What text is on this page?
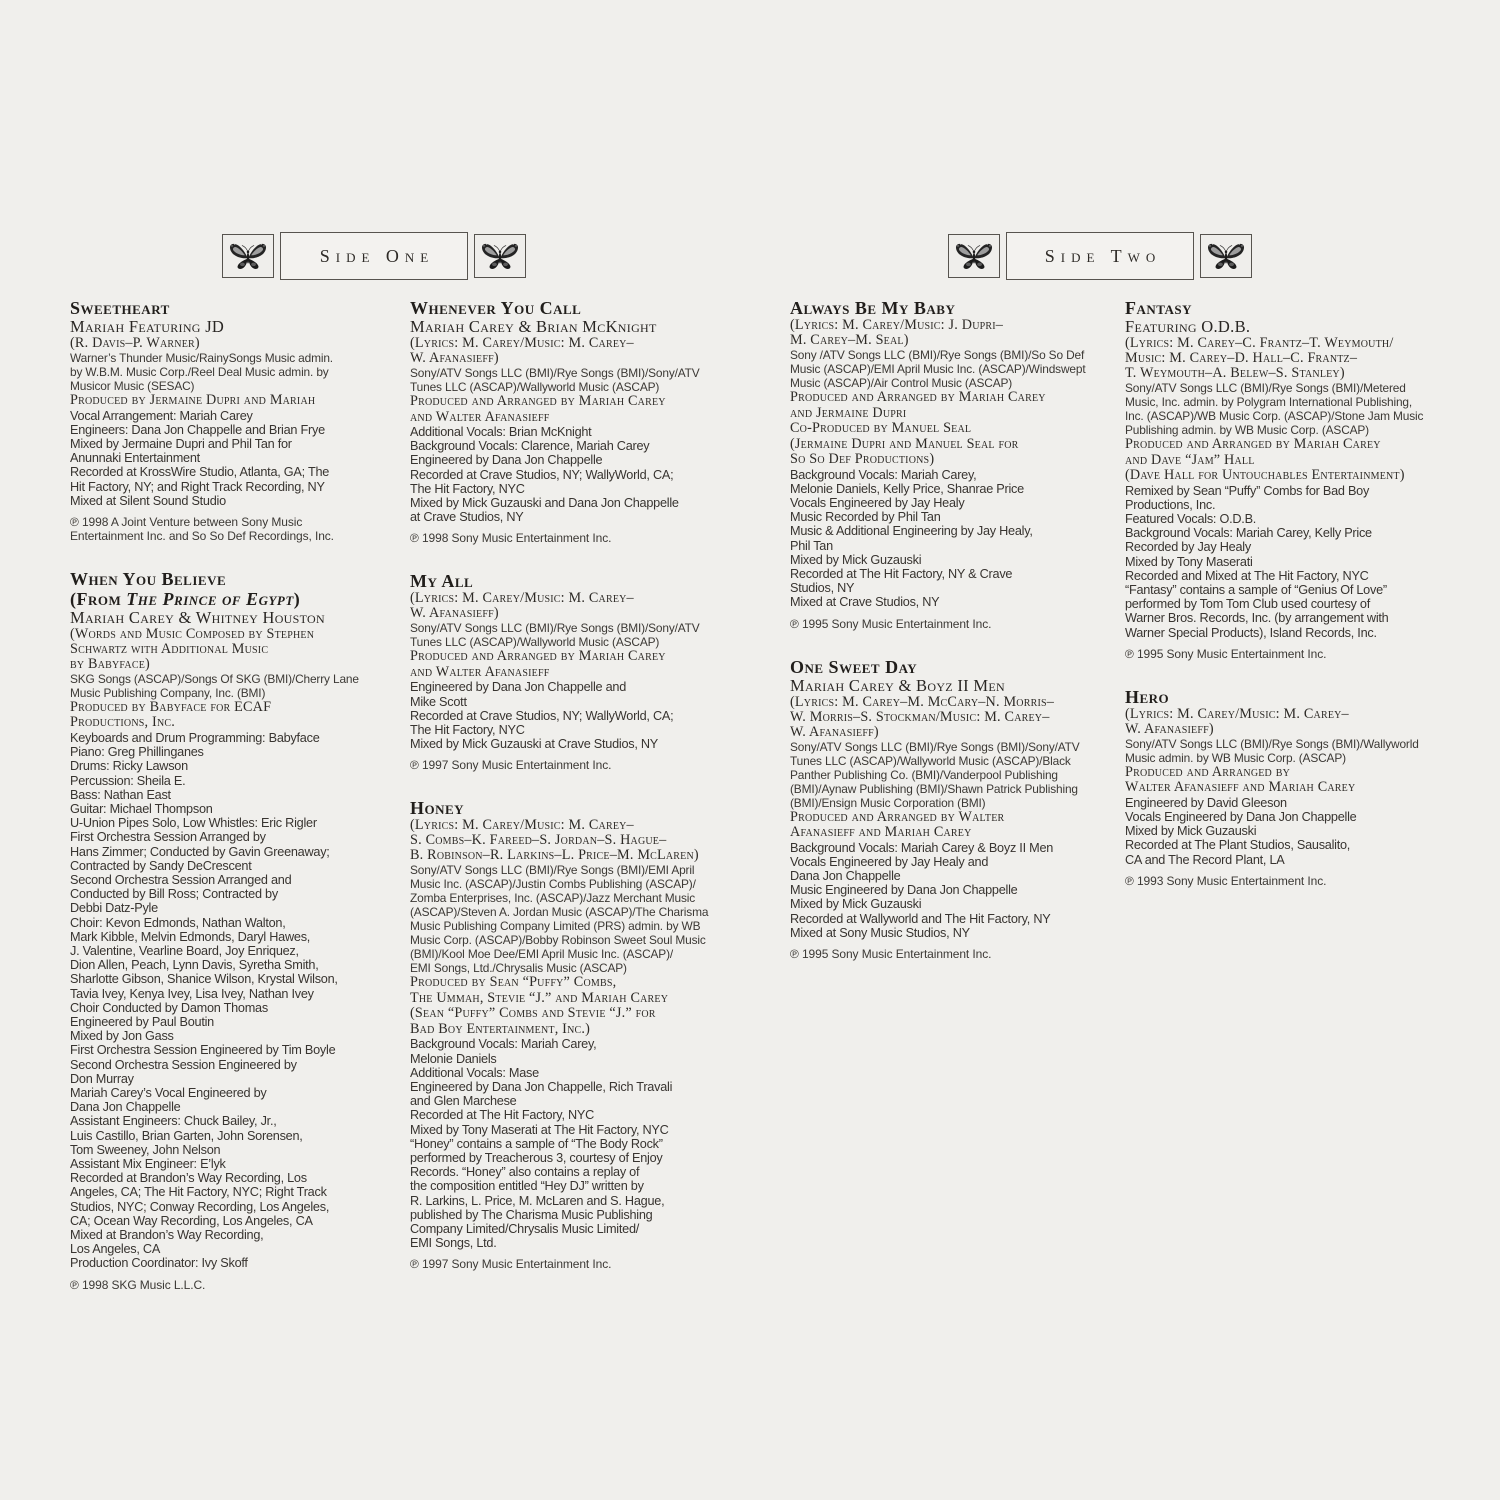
Side One	Side Two
Sweetheart
Mariah Featuring JD
(R. Davis–P. Warner)
Warner’s Thunder Music/RainySongs Music admin.
by W.B.M. Music Corp./Reel Deal Music admin. by
Musicor Music (SESAC)
Produced by Jermaine Dupri and Mariah
Vocal Arrangement: Mariah Carey
Engineers: Dana Jon Chappelle and Brian Frye
Mixed by Jermaine Dupri and Phil Tan for
Anunnaki Entertainment
Recorded at KrossWire Studio, Atlanta, GA; The
Hit Factory, NY; and Right Track Recording, NY
Mixed at Silent Sound Studio
℗ 1998 A Joint Venture between Sony Music
Entertainment Inc. and So So Def Recordings, Inc.
When You Believe
(From The Prince of Egypt)
Mariah Carey & Whitney Houston
(Words and Music Composed by Stephen
Schwartz with Additional Music
by Babyface)
SKG Songs (ASCAP)/Songs Of SKG (BMI)/Cherry Lane
Music Publishing Company, Inc. (BMI)
Produced by Babyface for ECAF
Productions, Inc.
Keyboards and Drum Programming: Babyface
Piano: Greg Phillinganes
Drums: Ricky Lawson
Percussion: Sheila E.
Bass: Nathan East
Guitar: Michael Thompson
U-Union Pipes Solo, Low Whistles: Eric Rigler
First Orchestra Session Arranged by
Hans Zimmer; Conducted by Gavin Greenaway;
Contracted by Sandy DeCrescent
Second Orchestra Session Arranged and
Conducted by Bill Ross; Contracted by
Debbi Datz-Pyle
Choir: Kevon Edmonds, Nathan Walton,
Mark Kibble, Melvin Edmonds, Daryl Hawes,
J. Valentine, Vearline Board, Joy Enriquez,
Dion Allen, Peach, Lynn Davis, Syretha Smith,
Sharlotte Gibson, Shanice Wilson, Krystal Wilson,
Tavia Ivey, Kenya Ivey, Lisa Ivey, Nathan Ivey
Choir Conducted by Damon Thomas
Engineered by Paul Boutin
Mixed by Jon Gass
First Orchestra Session Engineered by Tim Boyle
Second Orchestra Session Engineered by
Don Murray
Mariah Carey’s Vocal Engineered by
Dana Jon Chappelle
Assistant Engineers: Chuck Bailey, Jr.,
Luis Castillo, Brian Garten, John Sorensen,
Tom Sweeney, John Nelson
Assistant Mix Engineer: E’lyk
Recorded at Brandon’s Way Recording, Los
Angeles, CA; The Hit Factory, NYC; Right Track
Studios, NYC; Conway Recording, Los Angeles,
CA; Ocean Way Recording, Los Angeles, CA
Mixed at Brandon’s Way Recording,
Los Angeles, CA
Production Coordinator: Ivy Skoff
℗ 1998 SKG Music L.L.C.
Whenever You Call
Mariah Carey & Brian McKnight
(Lyrics: M. Carey/Music: M. Carey–
W. Afanasieff)
Sony/ATV Songs LLC (BMI)/Rye Songs (BMI)/Sony/ATV
Tunes LLC (ASCAP)/Wallyworld Music (ASCAP)
Produced and Arranged by Mariah Carey
and Walter Afanasieff
Additional Vocals: Brian McKnight
Background Vocals: Clarence, Mariah Carey
Engineered by Dana Jon Chappelle
Recorded at Crave Studios, NY; WallyWorld, CA;
The Hit Factory, NYC
Mixed by Mick Guzauski and Dana Jon Chappelle
at Crave Studios, NY
℗ 1998 Sony Music Entertainment Inc.
My All
(Lyrics: M. Carey/Music: M. Carey–
W. Afanasieff)
Sony/ATV Songs LLC (BMI)/Rye Songs (BMI)/Sony/ATV
Tunes LLC (ASCAP)/Wallyworld Music (ASCAP)
Produced and Arranged by Mariah Carey
and Walter Afanasieff
Engineered by Dana Jon Chappelle and
Mike Scott
Recorded at Crave Studios, NY; WallyWorld, CA;
The Hit Factory, NYC
Mixed by Mick Guzauski at Crave Studios, NY
℗ 1997 Sony Music Entertainment Inc.
Honey
(Lyrics: M. Carey/Music: M. Carey–
S. Combs–K. Fareed–S. Jordan–S. Hague–
B. Robinson–R. Larkins–L. Price–M. McLaren)
Sony/ATV Songs LLC (BMI)/Rye Songs (BMI)/EMI April
Music Inc. (ASCAP)/Justin Combs Publishing (ASCAP)/
Zomba Enterprises, Inc. (ASCAP)/Jazz Merchant Music
(ASCAP)/Steven A. Jordan Music (ASCAP)/The Charisma
Music Publishing Company Limited (PRS) admin. by WB
Music Corp. (ASCAP)/Bobby Robinson Sweet Soul Music
(BMI)/Kool Moe Dee/EMI April Music Inc. (ASCAP)/
EMI Songs, Ltd./Chrysalis Music (ASCAP)
Produced by Sean “Puffy” Combs,
The Ummah, Stevie “J.” and Mariah Carey
(Sean “Puffy” Combs and Stevie “J.” for
Bad Boy Entertainment, Inc.)
Background Vocals: Mariah Carey,
Melonie Daniels
Additional Vocals: Mase
Engineered by Dana Jon Chappelle, Rich Travali
and Glen Marchese
Recorded at The Hit Factory, NYC
Mixed by Tony Maserati at The Hit Factory, NYC
“Honey” contains a sample of “The Body Rock”
performed by Treacherous 3, courtesy of Enjoy
Records. “Honey” also contains a replay of
the composition entitled “Hey DJ” written by
R. Larkins, L. Price, M. McLaren and S. Hague,
published by The Charisma Music Publishing
Company Limited/Chrysalis Music Limited/
EMI Songs, Ltd.
℗ 1997 Sony Music Entertainment Inc.
Always Be My Baby
(Lyrics: M. Carey/Music: J. Dupri–
M. Carey–M. Seal)
Sony /ATV Songs LLC (BMI)/Rye Songs (BMI)/So So Def
Music (ASCAP)/EMI April Music Inc. (ASCAP)/Windswept
Music (ASCAP)/Air Control Music (ASCAP)
Produced and Arranged by Mariah Carey
and Jermaine Dupri
Co-Produced by Manuel Seal
(Jermaine Dupri and Manuel Seal for
So So Def Productions)
Background Vocals: Mariah Carey,
Melonie Daniels, Kelly Price, Shanrae Price
Vocals Engineered by Jay Healy
Music Recorded by Phil Tan
Music & Additional Engineering by Jay Healy,
Phil Tan
Mixed by Mick Guzauski
Recorded at The Hit Factory, NY & Crave
Studios, NY
Mixed at Crave Studios, NY
℗ 1995 Sony Music Entertainment Inc.
One Sweet Day
Mariah Carey & Boyz II Men
(Lyrics: M. Carey–M. McCary–N. Morris–
W. Morris–S. Stockman/Music: M. Carey–
W. Afanasieff)
Sony/ATV Songs LLC (BMI)/Rye Songs (BMI)/Sony/ATV
Tunes LLC (ASCAP)/Wallyworld Music (ASCAP)/Black
Panther Publishing Co. (BMI)/Vanderpool Publishing
(BMI)/Aynaw Publishing (BMI)/Shawn Patrick Publishing
(BMI)/Ensign Music Corporation (BMI)
Produced and Arranged by Walter
Afanasieff and Mariah Carey
Background Vocals: Mariah Carey & Boyz II Men
Vocals Engineered by Jay Healy and
Dana Jon Chappelle
Music Engineered by Dana Jon Chappelle
Mixed by Mick Guzauski
Recorded at Wallyworld and The Hit Factory, NY
Mixed at Sony Music Studios, NY
℗ 1995 Sony Music Entertainment Inc.
Fantasy
Featuring O.D.B.
(Lyrics: M. Carey–C. Frantz–T. Weymouth/
Music: M. Carey–D. Hall–C. Frantz–
T. Weymouth–A. Belew–S. Stanley)
Sony/ATV Songs LLC (BMI)/Rye Songs (BMI)/Metered
Music, Inc. admin. by Polygram International Publishing,
Inc. (ASCAP)/WB Music Corp. (ASCAP)/Stone Jam Music
Publishing admin. by WB Music Corp. (ASCAP)
Produced and Arranged by Mariah Carey
and Dave “Jam” Hall
(Dave Hall for Untouchables Entertainment)
Remixed by Sean “Puffy” Combs for Bad Boy
Productions, Inc.
Featured Vocals: O.D.B.
Background Vocals: Mariah Carey, Kelly Price
Recorded by Jay Healy
Mixed by Tony Maserati
Recorded and Mixed at The Hit Factory, NYC
“Fantasy” contains a sample of “Genius Of Love”
performed by Tom Tom Club used courtesy of
Warner Bros. Records, Inc. (by arrangement with
Warner Special Products), Island Records, Inc.
℗ 1995 Sony Music Entertainment Inc.
Hero
(Lyrics: M. Carey/Music: M. Carey–
W. Afanasieff)
Sony/ATV Songs LLC (BMI)/Rye Songs (BMI)/Wallyworld
Music admin. by WB Music Corp. (ASCAP)
Produced and Arranged by
Walter Afanasieff and Mariah Carey
Engineered by David Gleeson
Vocals Engineered by Dana Jon Chappelle
Mixed by Mick Guzauski
Recorded at The Plant Studios, Sausalito,
CA and The Record Plant, LA
℗ 1993 Sony Music Entertainment Inc.
